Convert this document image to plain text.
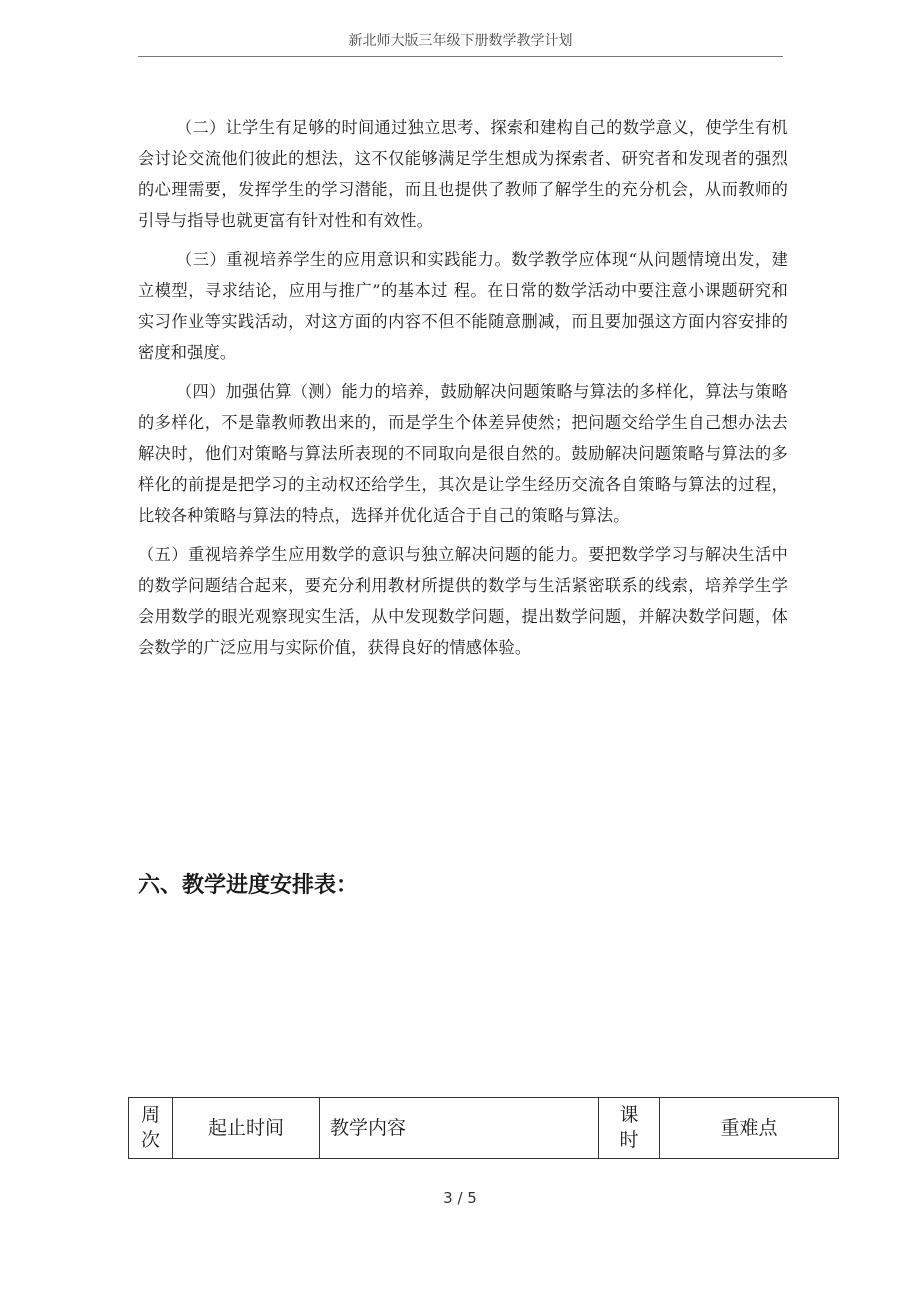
新北师大版三年级下册数学教学计划

（二）让学生有足够的时间通过独立思考、探索和建构自己的数学意义，使学生有机会讨论交流他们彼此的想法，这不仅能够满足学生想成为探索者、研究者和发现者的强烈的心理需要，发挥学生的学习潜能，而且也提供了教师了解学生的充分机会，从而教师的引导与指导也就更富有针对性和有效性。

（三）重视培养学生的应用意识和实践能力。数学教学应体现“从问题情境出发，建立模型，寻求结论，应用与推广”的基本过 程。在日常的数学活动中要注意小课题研究和实习作业等实践活动，对这方面的内容不但不能随意删减，而且要加强这方面内容安排的密度和强度。

（四）加强估算（测）能力的培养，鼓励解决问题策略与算法的多样化，算法与策略的多样化，不是靠教师教出来的，而是学生个体差异使然；把问题交给学生自己想办法去解决时，他们对策略与算法所表现的不同取向是很自然的。鼓励解决问题策略与算法的多样化的前提是把学习的主动权还给学生，其次是让学生经历交流各自策略与算法的过程，比较各种策略与算法的特点，选择并优化适合于自己的策略与算法。

（五）重视培养学生应用数学的意识与独立解决问题的能力。要把数学学习与解决生活中的数学问题结合起来，要充分利用教材所提供的数学与生活紧密联系的线索，培养学生学会用数学的眼光观察现实生活，从中发现数学问题，提出数学问题，并解决数学问题，体会数学的广泛应用与实际价值，获得良好的情感体验。

六、教学进度安排表：
周次	起止时间	教学内容	课时	重难点
3 / 5
